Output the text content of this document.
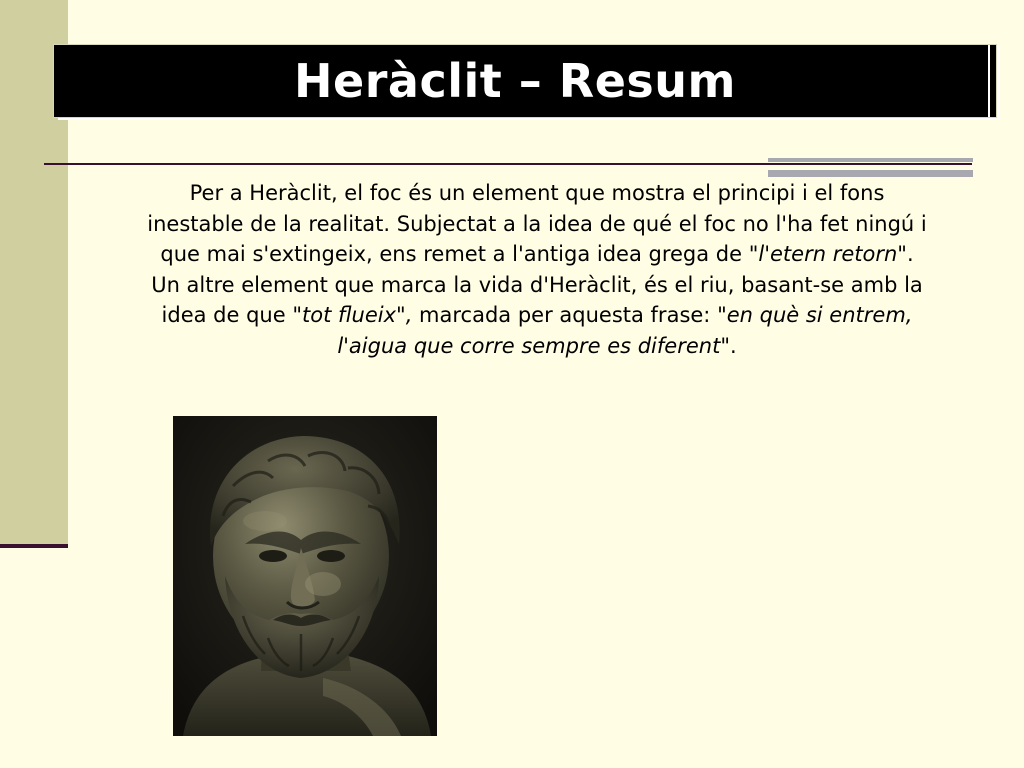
Heràclit – Resum

Per a Heràclit, el foc és un element que mostra el principi i el fons inestable de la realitat. Subjectat a la idea de qué el foc no l'ha fet ningú i que mai s'extingeix, ens remet a l'antiga idea grega de "l'etern retorn".

Un altre element que marca la vida d'Heràclit, és el riu, basant-se amb la idea de que "tot flueix", marcada per aquesta frase: "en què si entrem, l'aigua que corre sempre es diferent".
